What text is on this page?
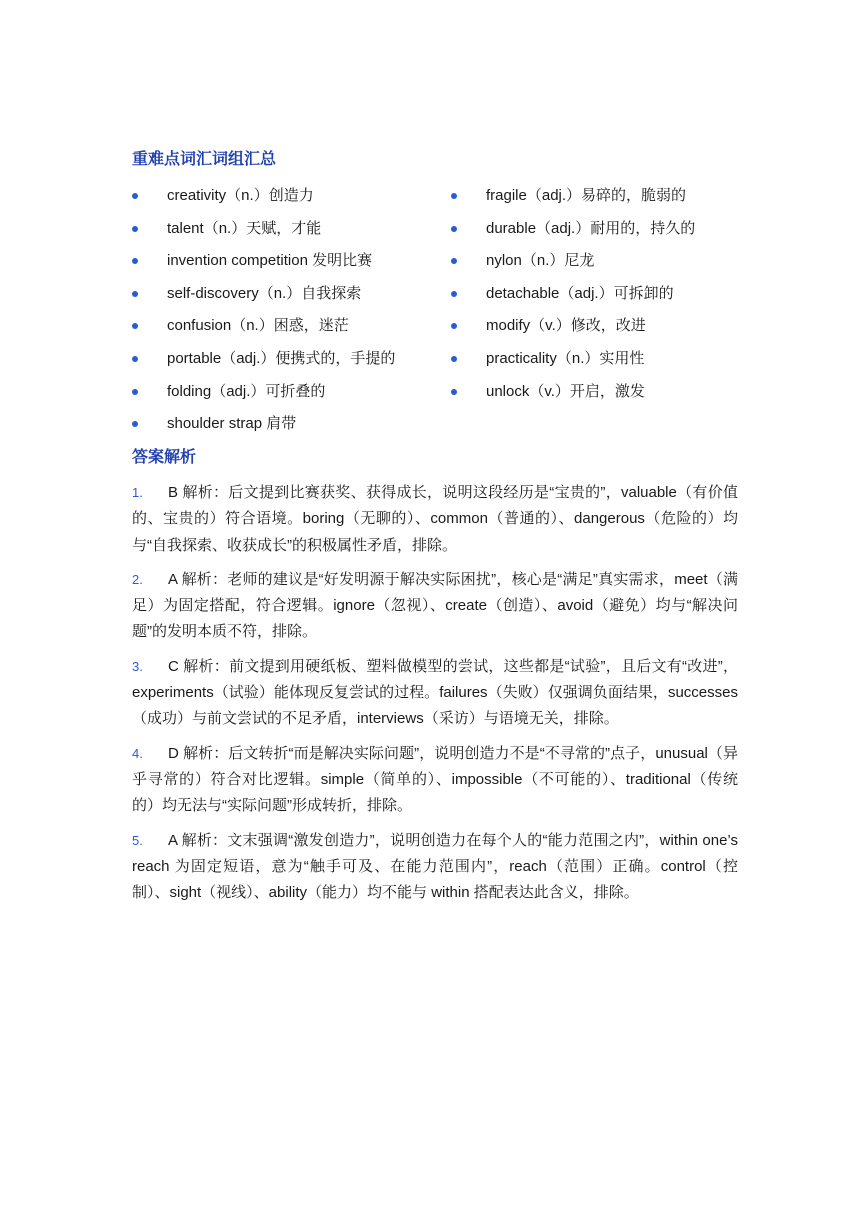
重难点词汇词组汇总
creativity（n.）创造力
talent（n.）天赋，才能
invention competition 发明比赛
self-discovery（n.）自我探索
confusion（n.）困惑，迷茫
portable（adj.）便携式的，手提的
folding（adj.）可折叠的
shoulder strap 肩带
fragile（adj.）易碎的，脆弱的
durable（adj.）耐用的，持久的
nylon（n.）尼龙
detachable（adj.）可拆卸的
modify（v.）修改，改进
practicality（n.）实用性
unlock（v.）开启，激发
答案解析
1. B 解析：后文提到比赛获奖、获得成长，说明这段经历是“宝贵的”，valuable（有价值的、宝贵的）符合语境。boring（无聊的）、common（普通的）、dangerous（危险的）均与“自我探索、收获成长”的积极属性矛盾，排除。
2. A 解析：老师的建议是“好发明源于解决实际困扰”，核心是“满足”真实需求，meet（满足）为固定搭配，符合逻辑。ignore（忽视）、create（创造）、avoid（避免）均与“解决问题”的发明本质不符，排除。
3. C 解析：前文提到用硬纸板、塑料做模型的尝试，这些都是“试验”，且后文有“改进”，experiments（试验）能体现反复尝试的过程。failures（失败）仅强调负面结果，successes（成功）与前文尝试的不足矛盾，interviews（采访）与语境无关，排除。
4. D 解析：后文转折“而是解决实际问题”，说明创造力不是“不寻常的”点子，unusual（异乎寻常的）符合对比逻辑。simple（简单的）、impossible（不可能的）、traditional（传统的）均无法与“实际问题”形成转折，排除。
5. A 解析：文末强调“激发创造力”，说明创造力在每个人的“能力范围之内”，within one’s reach 为固定短语，意为“触手可及、在能力范围内”，reach（范围）正确。control（控制）、sight（视线）、ability（能力）均不能与 within 搭配表达此含义，排除。
